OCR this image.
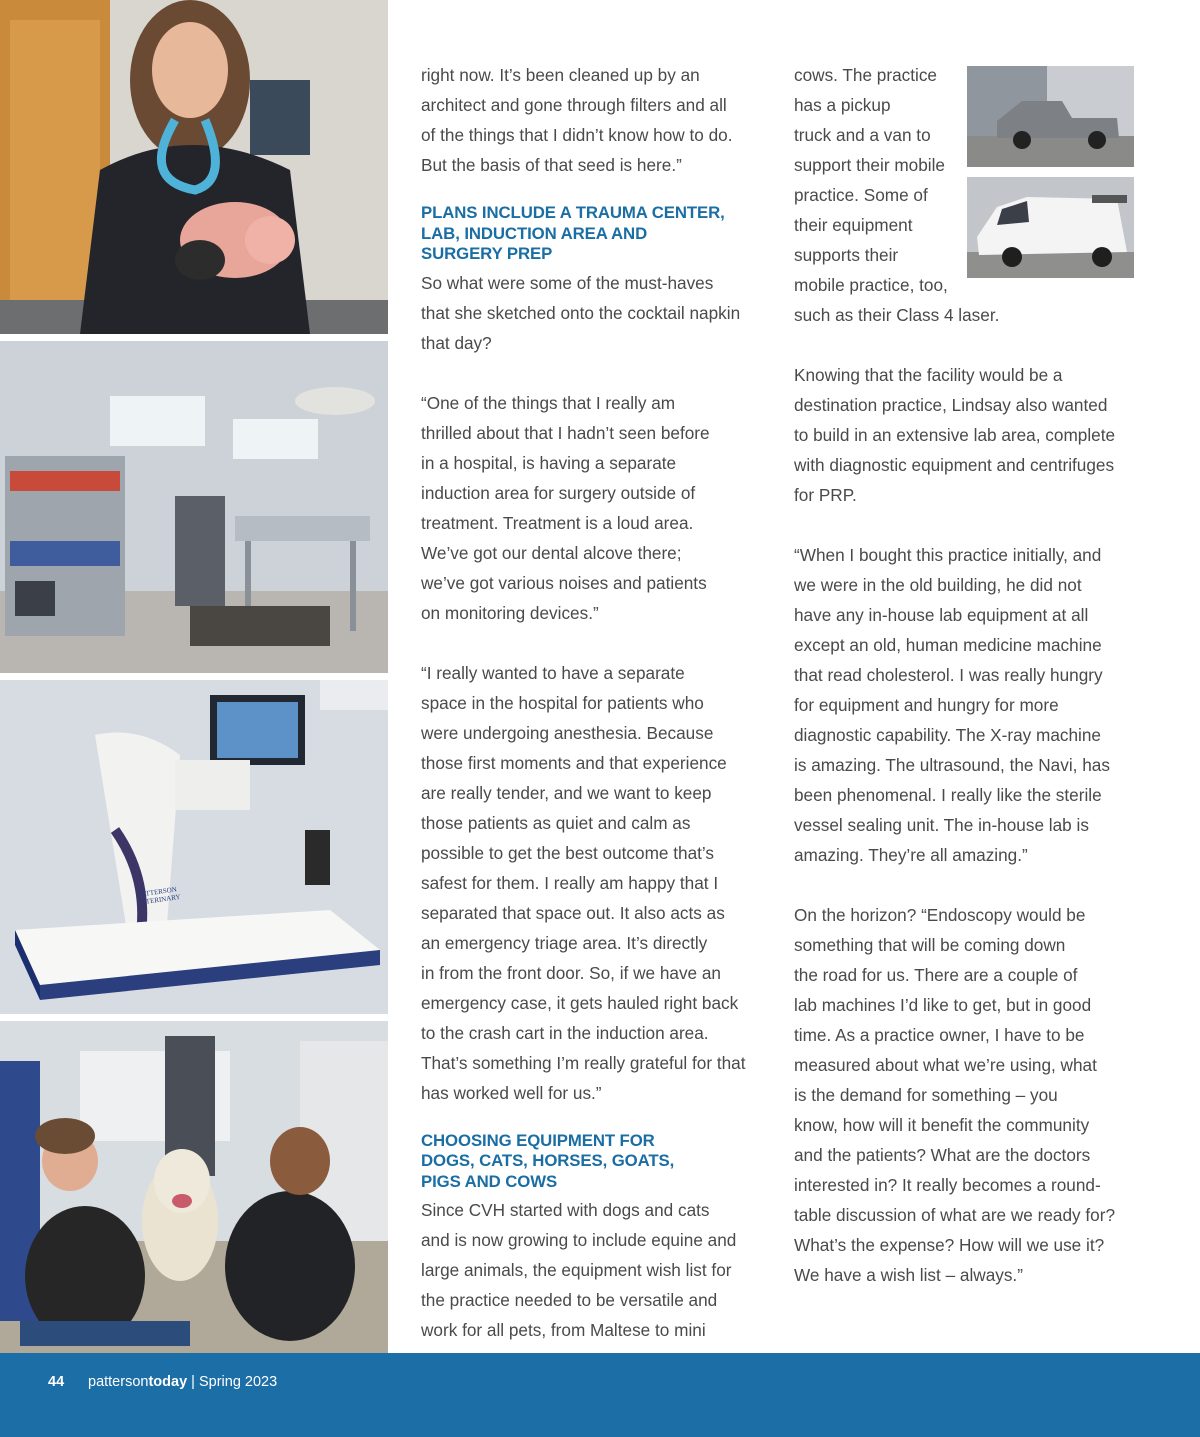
PATTERSON VETERINARY

right now. It’s been cleaned up by an
architect and gone through filters and all
of the things that I didn’t know how to do.
But the basis of that seed is here.”

PLANS INCLUDE A TRAUMA CENTER,
LAB, INDUCTION AREA AND
SURGERY PREP

So what were some of the must-haves
that she sketched onto the cocktail napkin
that day?

“One of the things that I really am
thrilled about that I hadn’t seen before
in a hospital, is having a separate
induction area for surgery outside of
treatment. Treatment is a loud area.
We’ve got our dental alcove there;
we’ve got various noises and patients
on monitoring devices.”

“I really wanted to have a separate
space in the hospital for patients who
were undergoing anesthesia. Because
those first moments and that experience
are really tender, and we want to keep
those patients as quiet and calm as
possible to get the best outcome that’s
safest for them. I really am happy that I
separated that space out. It also acts as
an emergency triage area. It’s directly
in from the front door. So, if we have an
emergency case, it gets hauled right back
to the crash cart in the induction area.
That’s something I’m really grateful for that
has worked well for us.”

CHOOSING EQUIPMENT FOR
DOGS, CATS, HORSES, GOATS,
PIGS AND COWS

Since CVH started with dogs and cats
and is now growing to include equine and
large animals, the equipment wish list for
the practice needed to be versatile and
work for all pets, from Maltese to mini

cows. The practice
has a pickup
truck and a van to
support their mobile
practice. Some of
their equipment
supports their
mobile practice, too,
such as their Class 4 laser.

Knowing that the facility would be a
destination practice, Lindsay also wanted
to build in an extensive lab area, complete
with diagnostic equipment and centrifuges
for PRP.

“When I bought this practice initially, and
we were in the old building, he did not
have any in-house lab equipment at all
except an old, human medicine machine
that read cholesterol. I was really hungry
for equipment and hungry for more
diagnostic capability. The X-ray machine
is amazing. The ultrasound, the Navi, has
been phenomenal. I really like the sterile
vessel sealing unit. The in-house lab is
amazing. They’re all amazing.”

On the horizon? “Endoscopy would be
something that will be coming down
the road for us. There are a couple of
lab machines I’d like to get, but in good
time. As a practice owner, I have to be
measured about what we’re using, what
is the demand for something – you
know, how will it benefit the community
and the patients? What are the doctors
interested in? It really becomes a round-
table discussion of what are we ready for?
What’s the expense? How will we use it?
We have a wish list – always.”

44 pattersontoday | Spring 2023
